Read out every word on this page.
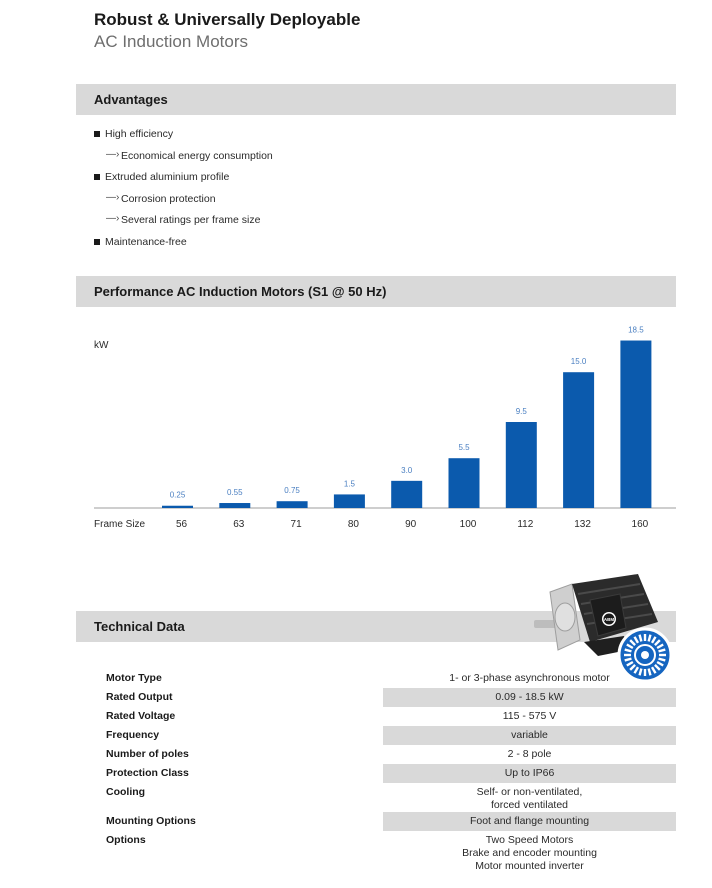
Robust & Universally Deployable
AC Induction Motors
Advantages
High efficiency
—› Economical energy consumption
Extruded aluminium profile
—› Corrosion protection
—› Several ratings per frame size
Maintenance-free
Performance AC Induction Motors (S1 @ 50 Hz)
kW
Frame Size
0.25
56
0.55
63
0.75
71
1.5
80
3.0
90
5.5
100
9.5
112
15.0
132
18.5
160
Technical Data	ABM
Motor Type	1- or 3-phase asynchronous motor
Rated Output	0.09 - 18.5 kW
Rated Voltage	115 - 575 V
Frequency	variable
Number of poles	2 - 8 pole
Protection Class	Up to IP66
Cooling	Self- or non-ventilated,
forced ventilated
Mounting Options	Foot and flange mounting
Options	Two Speed Motors
Brake and encoder mounting
Motor mounted inverter
